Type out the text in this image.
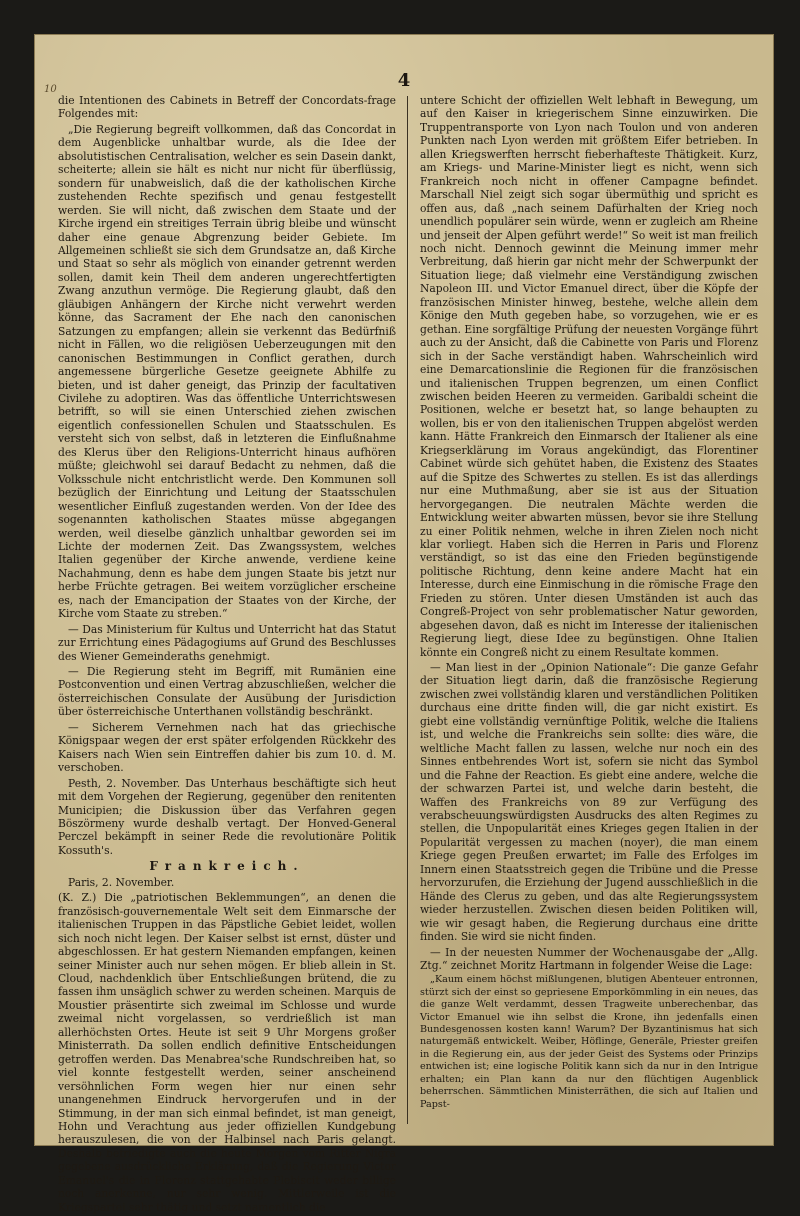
10	4

die Intentionen des Cabinets in Betreff der Concordats-frage Folgendes mit:

„Die Regierung begreift vollkommen, daß das Concordat in dem Augenblicke unhaltbar wurde, als die Idee der absolutistischen Centralisation, welcher es sein Dasein dankt, scheiterte; allein sie hält es nicht nur nicht für überflüssig, sondern für unabweislich, daß die der katholischen Kirche zustehenden Rechte spezifisch und genau festgestellt werden. Sie will nicht, daß zwischen dem Staate und der Kirche irgend ein streitiges Terrain übrig bleibe und wünscht daher eine genaue Abgrenzung beider Gebiete. Im Allgemeinen schließt sie sich dem Grundsatze an, daß Kirche und Staat so sehr als möglich von einander getrennt werden sollen, damit kein Theil dem anderen ungerechtfertigten Zwang anzuthun vermöge. Die Regierung glaubt, daß den gläubigen Anhängern der Kirche nicht verwehrt werden könne, das Sacrament der Ehe nach den canonischen Satzungen zu empfangen; allein sie verkennt das Bedürfniß nicht in Fällen, wo die religiösen Ueberzeugungen mit den canonischen Bestimmungen in Conflict gerathen, durch angemessene bürgerliche Gesetze geeignete Abhilfe zu bieten, und ist daher geneigt, das Prinzip der facultativen Civilehe zu adoptiren. Was das öffentliche Unterrichtswesen betrifft, so will sie einen Unterschied ziehen zwischen eigentlich confessionellen Schulen und Staatsschulen. Es versteht sich von selbst, daß in letzteren die Einflußnahme des Klerus über den Religions-Unterricht hinaus aufhören müßte; gleichwohl sei darauf Bedacht zu nehmen, daß die Volksschule nicht entchristlicht werde. Den Kommunen soll bezüglich der Einrichtung und Leitung der Staatsschulen wesentlicher Einfluß zugestanden werden. Von der Idee des sogenannten katholischen Staates müsse abgegangen werden, weil dieselbe gänzlich unhaltbar geworden sei im Lichte der modernen Zeit. Das Zwangssystem, welches Italien gegenüber der Kirche anwende, verdiene keine Nachahmung, denn es habe dem jungen Staate bis jetzt nur herbe Früchte getragen. Bei weitem vorzüglicher erscheine es, nach der Emancipation der Staates von der Kirche, der Kirche vom Staate zu streben.“

— Das Ministerium für Kultus und Unterricht hat das Statut zur Errichtung eines Pädagogiums auf Grund des Beschlusses des Wiener Gemeinderaths genehmigt.

— Die Regierung steht im Begriff, mit Rumänien eine Postconvention und einen Vertrag abzuschließen, welcher die österreichischen Consulate der Ausübung der Jurisdiction über österreichische Unterthanen vollständig beschränkt.

— Sicherem Vernehmen nach hat das griechische Königspaar wegen der erst später erfolgenden Rückkehr des Kaisers nach Wien sein Eintreffen dahier bis zum 10. d. M. verschoben.

Pesth, 2. November. Das Unterhaus beschäftigte sich heut mit dem Vorgehen der Regierung, gegenüber den renitenten Municipien; die Diskussion über das Verfahren gegen Böszörmeny wurde deshalb vertagt. Der Honved-General Perczel bekämpft in seiner Rede die revolutionäre Politik Kossuth's.

Frankreich.

Paris, 2. November.

(K. Z.) Die „patriotischen Beklemmungen“, an denen die französisch-gouvernementale Welt seit dem Einmarsche der italienischen Truppen in das Päpstliche Gebiet leidet, wollen sich noch nicht legen. Der Kaiser selbst ist ernst, düster und abgeschlossen. Er hat gestern Niemanden empfangen, keinen seiner Minister auch nur sehen mögen. Er blieb allein in St. Cloud, nachdenklich über Entschließungen brütend, die zu fassen ihm unsäglich schwer zu werden scheinen. Marquis de Moustier präsentirte sich zweimal im Schlosse und wurde zweimal nicht vorgelassen, so verdrießlich ist man allerhöchsten Ortes. Heute ist seit 9 Uhr Morgens großer Ministerrath. Da sollen endlich definitive Entscheidungen getroffen werden. Das Menabrea'sche Rundschreiben hat, so viel konnte festgestellt werden, seiner anscheinend versöhnlichen Form wegen hier nur einen sehr unangenehmen Eindruck hervorgerufen und in der Stimmung, in der man sich einmal befindet, ist man geneigt, Hohn und Verachtung aus jeder offiziellen Kundgebung herauszulesen, die von der Halbinsel nach Paris gelangt. Deshalb befriedigte auch die heute Morgen vom Ritter Nigra gegebene ausdrückliche Erklärung, daß die Regierung Victor Emanuel's die in Florenz stattgehabte Plebiscit weder billige noch anerkenne, nur sehr wenig. Mittlerweile ist die Kriegspartei sehr thätig und setzt namentlich die

untere Schicht der offiziellen Welt lebhaft in Bewegung, um auf den Kaiser in kriegerischem Sinne einzuwirken. Die Truppentransporte von Lyon nach Toulon und von anderen Punkten nach Lyon werden mit größtem Eifer betrieben. In allen Kriegswerften herrscht fieberhafteste Thätigkeit. Kurz, am Kriegs- und Marine-Minister liegt es nicht, wenn sich Frankreich noch nicht in offener Campagne befindet. Marschall Niel zeigt sich sogar übermüthig und spricht es offen aus, daß „nach seinem Dafürhalten der Krieg noch unendlich populärer sein würde, wenn er zugleich am Rheine und jenseit der Alpen geführt werde!“ So weit ist man freilich noch nicht. Dennoch gewinnt die Meinung immer mehr Verbreitung, daß hierin gar nicht mehr der Schwerpunkt der Situation liege; daß vielmehr eine Verständigung zwischen Napoleon III. und Victor Emanuel direct, über die Köpfe der französischen Minister hinweg, bestehe, welche allein dem Könige den Muth gegeben habe, so vorzugehen, wie er es gethan. Eine sorgfältige Prüfung der neuesten Vorgänge führt auch zu der Ansicht, daß die Cabinette von Paris und Florenz sich in der Sache verständigt haben. Wahrscheinlich wird eine Demarcationslinie die Regionen für die französischen und italienischen Truppen begrenzen, um einen Conflict zwischen beiden Heeren zu vermeiden. Garibaldi scheint die Positionen, welche er besetzt hat, so lange behaupten zu wollen, bis er von den italienischen Truppen abgelöst werden kann. Hätte Frankreich den Einmarsch der Italiener als eine Kriegserklärung im Voraus angekündigt, das Florentiner Cabinet würde sich gehütet haben, die Existenz des Staates auf die Spitze des Schwertes zu stellen. Es ist das allerdings nur eine Muthmaßung, aber sie ist aus der Situation hervorgegangen. Die neutralen Mächte werden die Entwicklung weiter abwarten müssen, bevor sie ihre Stellung zu einer Politik nehmen, welche in ihren Zielen noch nicht klar vorliegt. Haben sich die Herren in Paris und Florenz verständigt, so ist das eine den Frieden begünstigende politische Richtung, denn keine andere Macht hat ein Interesse, durch eine Einmischung in die römische Frage den Frieden zu stören. Unter diesen Umständen ist auch das Congreß-Project von sehr problematischer Natur geworden, abgesehen davon, daß es nicht im Interesse der italienischen Regierung liegt, diese Idee zu begünstigen. Ohne Italien könnte ein Congreß nicht zu einem Resultate kommen.

— Man liest in der „Opinion Nationale“: Die ganze Gefahr der Situation liegt darin, daß die französische Regierung zwischen zwei vollständig klaren und verständlichen Politiken durchaus eine dritte finden will, die gar nicht existirt. Es giebt eine vollständig vernünftige Politik, welche die Italiens ist, und welche die Frankreichs sein sollte: dies wäre, die weltliche Macht fallen zu lassen, welche nur noch ein des Sinnes entbehrendes Wort ist, sofern sie nicht das Symbol und die Fahne der Reaction. Es giebt eine andere, welche die der schwarzen Partei ist, und welche darin besteht, die Waffen des Frankreichs von 89 zur Verfügung des verabscheuungswürdigsten Ausdrucks des alten Regimes zu stellen, die Unpopularität eines Krieges gegen Italien in der Popularität vergessen zu machen (noyer), die man einem Kriege gegen Preußen erwartet; im Falle des Erfolges im Innern einen Staatsstreich gegen die Tribüne und die Presse hervorzurufen, die Erziehung der Jugend ausschließlich in die Hände des Clerus zu geben, und das alte Regierungssystem wieder herzustellen. Zwischen diesen beiden Politiken will, wie wir gesagt haben, die Regierung durchaus eine dritte finden. Sie wird sie nicht finden.

— In der neuesten Nummer der Wochenausgabe der „Allg. Ztg.“ zeichnet Moritz Hartmann in folgender Weise die Lage:

„Kaum einem höchst mißlungenen, blutigen Abenteuer entronnen, stürzt sich der einst so gepriesene Emporkömmling in ein neues, das die ganze Welt verdammt, dessen Tragweite unberechenbar, das Victor Emanuel wie ihn selbst die Krone, ihn jedenfalls einen Bundesgenossen kosten kann! Warum? Der Byzantinismus hat sich naturgemäß entwickelt. Weiber, Höflinge, Generäle, Priester greifen in die Regierung ein, aus der jeder Geist des Systems oder Prinzips entwichen ist; eine logische Politik kann sich da nur in den Intrigue erhalten; ein Plan kann da nur den flüchtigen Augenblick beherrschen. Sämmtlichen Ministerräthen, die sich auf Italien und Papst-
